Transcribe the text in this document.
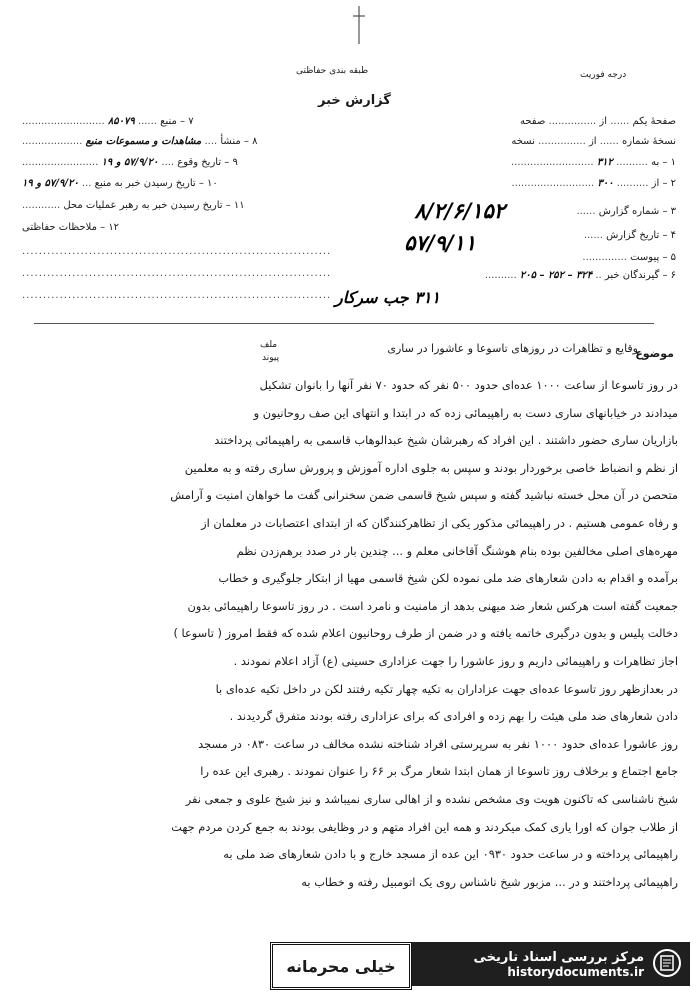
طبقه بندی حفاظتی
گزارش خبر
درجه فوریت
صفحهٔ یکم ...... از ............... صفحه
نسخهٔ شماره ...... از ............... نسخه
۱ – به .......... ۳۱۲ ..........................
۲ – از .......... ۳۰۰ ..........................
۳ – شماره گزارش ......
۴ – تاریخ گزارش ......
۵ – پیوست ..............
۶ – گیرندگان خبر .. ۳۲۴ – ۲۵۲ – ۲۰۵ ..........
۷ – منبع ...... ۸۵۰۷۹ ..........................
۸ – منشأ .... مشاهدات و مسموعات منبع ...................
۹ – تاریخ وقوع .... ۵۷/۹/۲۰ و ۱۹ ........................
۱۰ – تاریخ رسیدن خبر به منبع ... ۵۷/۹/۲۰ و ۱۹
۱۱ – تاریخ رسیدن خبر به رهبر عملیات محل ............
۱۲ – ملاحظات حفاظتی
..........................................................................
..........................................................................
..........................................................................
۸/۲/۶/۱۵۲
۵۷/۹/۱۱
۳۱۱ جب سرکار
موضوع
وقایع و تظاهرات در روزهای تاسوعا و عاشورا در ساری
ملف
پیوند

در روز تاسوعا از ساعت ۱۰۰۰ عده‌ای حدود ۵۰۰ نفر که حدود ۷۰ نفر آنها را بانوان تشکیل

میدادند در خیابانهای ساری دست به راهپیمائی زده که در ابتدا و انتهای این صف روحانیون و

بازاریان ساری حضور داشتند . این افراد که رهبرشان شیخ عبدالوهاب قاسمی به راهپیمائی پرداختند

از نظم و انضباط خاصی برخوردار بودند و سپس به جلوی اداره آموزش و پرورش ساری رفته و به معلمین

متحصن در آن محل خسته نباشید گفته و سپس شیخ قاسمی ضمن سخنرانی گفت ما خواهان امنیت و آرامش

و رفاه عمومی هستیم . در راهپیمائی مذکور یکی از تظاهرکنندگان که از ابتدای اعتصابات در معلمان از

مهره‌های اصلی مخالفین بوده بنام هوشنگ آقاخانی معلم و ... چندین بار در صدد برهم‌زدن نظم

برآمده و اقدام به دادن شعارهای ضد ملی نموده لکن شیخ قاسمی مهیا از ابتکار جلوگیری و خطاب

جمعیت گفته است هرکس شعار ضد میهنی بدهد از مامنیت و نامرد است . در روز تاسوعا راهپیمائی بدون

دخالت پلیس و بدون درگیری خاتمه یافته و در ضمن از طرف روحانیون اعلام شده که فقط امروز ( تاسوعا )

اجاز تظاهرات و راهپیمائی داریم و روز عاشورا را جهت عزاداری حسینی (ع) آزاد اعلام نمودند .

در بعدازظهر روز تاسوعا عده‌ای جهت عزاداران به تکیه چهار تکیه رفتند لکن در داخل تکیه عده‌ای با

دادن شعارهای ضد ملی هیئت را بهم زده و افرادی که برای عزاداری رفته بودند متفرق گردیدند .

روز عاشورا عده‌ای حدود ۱۰۰۰ نفر به سرپرستی افراد شناخته نشده مخالف در ساعت ۰۸۳۰ در مسجد

جامع اجتماع و برخلاف روز تاسوعا از همان ابتدا شعار مرگ بر ۶۶ را عنوان نمودند . رهبری این عده را

شیخ ناشناسی که تاکنون هویت وی مشخص نشده و از اهالی ساری نمیباشد و نیز شیخ علوی و جمعی نفر

از طلاب جوان که اورا یاری کمک میکردند و همه این افراد متهم و در وظایفی بودند به جمع کردن مردم جهت

راهپیمائی پرداخته و در ساعت حدود ۰۹۳۰ این عده از مسجد خارج و با دادن شعارهای ضد ملی به

راهپیمائی پرداختند و در ... مزبور شیخ ناشناس روی یک اتومبیل رفته و خطاب به

خیلی محرمانه	مرکز بررسی اسناد تاریخی
historydocuments.ir
